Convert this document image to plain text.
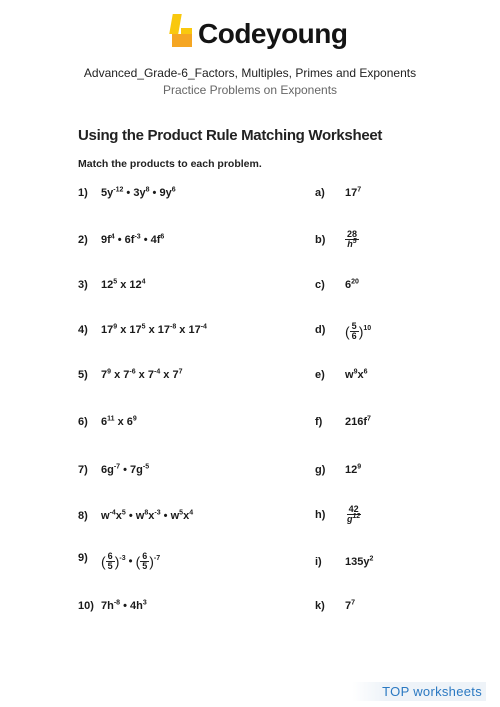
Codeyoung
Advanced_Grade-6_Factors, Multiples, Primes and Exponents
Practice Problems on Exponents
Using the Product Rule Matching Worksheet
Match the products to each problem.
1)	$5y^{-12}$ • $3y^8$ • $9y^6$
2)	$9f^4$ • $6f^{-3}$ • $4f^6$
3)	$12^5$ x $12^4$
4)	$17^9$ x $17^5$ x $17^{-8}$ x $17^{-4}$
5)	$7^9$ x $7^{-6}$ x $7^{-4}$ x $7^7$
6)	$6^{11}$ x $6^9$
7)	$6g^{-7}$ • $7g^{-5}$
8)	$w^{-4}x^5$ • $w^8x^{-3}$ • $w^5x^4$
9) ( $\frac{6}{5} )^{-3}$ • ( $\frac{6}{5} )^{-7}$
10) $7h^{-8}$ • $4h^3$
a)	$17^7$
b)	$\frac{28}{h^5}$
c)	$6^{20}$
d)	( $\frac{5}{6} )^{10}$
e)	$w^9x^6$
f)	$216f^7$
g)	$12^9$
h)	$\frac{42}{g^{12}}$
i)	$135y^2$
k)	$7^7$
TOP worksheets
